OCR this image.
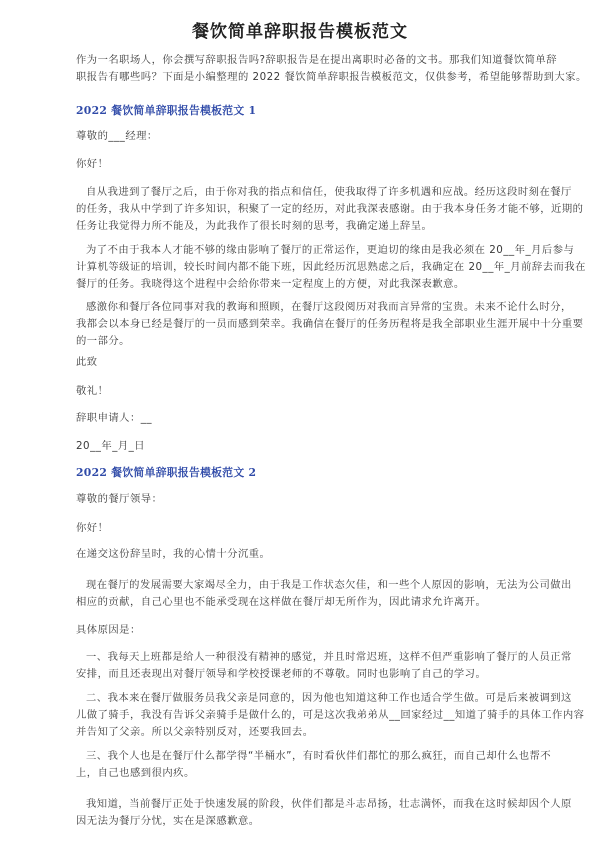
餐饮简单辞职报告模板范文

作为一名职场人，你会撰写辞职报告吗?辞职报告是在提出离职时必备的文书。那我们知道餐饮简单辞

职报告有哪些吗？下面是小编整理的 2022 餐饮简单辞职报告模板范文，仅供参考，希望能够帮助到大家。

2022 餐饮简单辞职报告模板范文 1

尊敬的___经理：

你好！

自从我进到了餐厅之后，由于你对我的指点和信任，使我取得了许多机遇和应战。经历这段时刻在餐厅

的任务，我从中学到了许多知识，积聚了一定的经历，对此我深表感谢。由于我本身任务才能不够，近期的

任务让我觉得力所不能及，为此我作了很长时刻的思考，我确定递上辞呈。

为了不由于我本人才能不够的缘由影响了餐厅的正常运作，更迫切的缘由是我必须在 20__年_月后参与

计算机等级证的培训，较长时间内都不能下班，因此经历沉思熟虑之后，我确定在 20__年_月前辞去而我在

餐厅的任务。我晓得这个进程中会给你带来一定程度上的方便，对此我深表歉意。

感激你和餐厅各位同事对我的教诲和照顾，在餐厅这段阅历对我而言异常的宝贵。未来不论什么时分，

我都会以本身已经是餐厅的一员而感到荣幸。我确信在餐厅的任务历程将是我全部职业生涯开展中十分重要

的一部分。

此致

敬礼！

辞职申请人：__

20__年_月_日

2022 餐饮简单辞职报告模板范文 2

尊敬的餐厅领导：

你好！

在递交这份辞呈时，我的心情十分沉重。

现在餐厅的发展需要大家竭尽全力，由于我是工作状态欠佳，和一些个人原因的影响，无法为公司做出

相应的贡献，自己心里也不能承受现在这样做在餐厅却无所作为，因此请求允许离开。

具体原因是：

一、我每天上班都是给人一种很没有精神的感觉，并且时常迟班，这样不但严重影响了餐厅的人员正常

安排，而且还表现出对餐厅领导和学校授课老师的不尊敬。同时也影响了自己的学习。

二、我本来在餐厅做服务员我父亲是同意的，因为他也知道这种工作也适合学生做。可是后来被调到这

儿做了骑手，我没有告诉父亲骑手是做什么的，可是这次我弟弟从__回家经过__知道了骑手的具体工作内容

并告知了父亲。所以父亲特别反对，还要我回去。

三、我个人也是在餐厅什么都学得“半桶水”，有时看伙伴们都忙的那么疯狂，而自己却什么也帮不

上，自己也感到很内疚。

我知道，当前餐厅正处于快速发展的阶段，伙伴们都是斗志昂扬，壮志满怀，而我在这时候却因个人原

因无法为餐厅分忧，实在是深感歉意。
